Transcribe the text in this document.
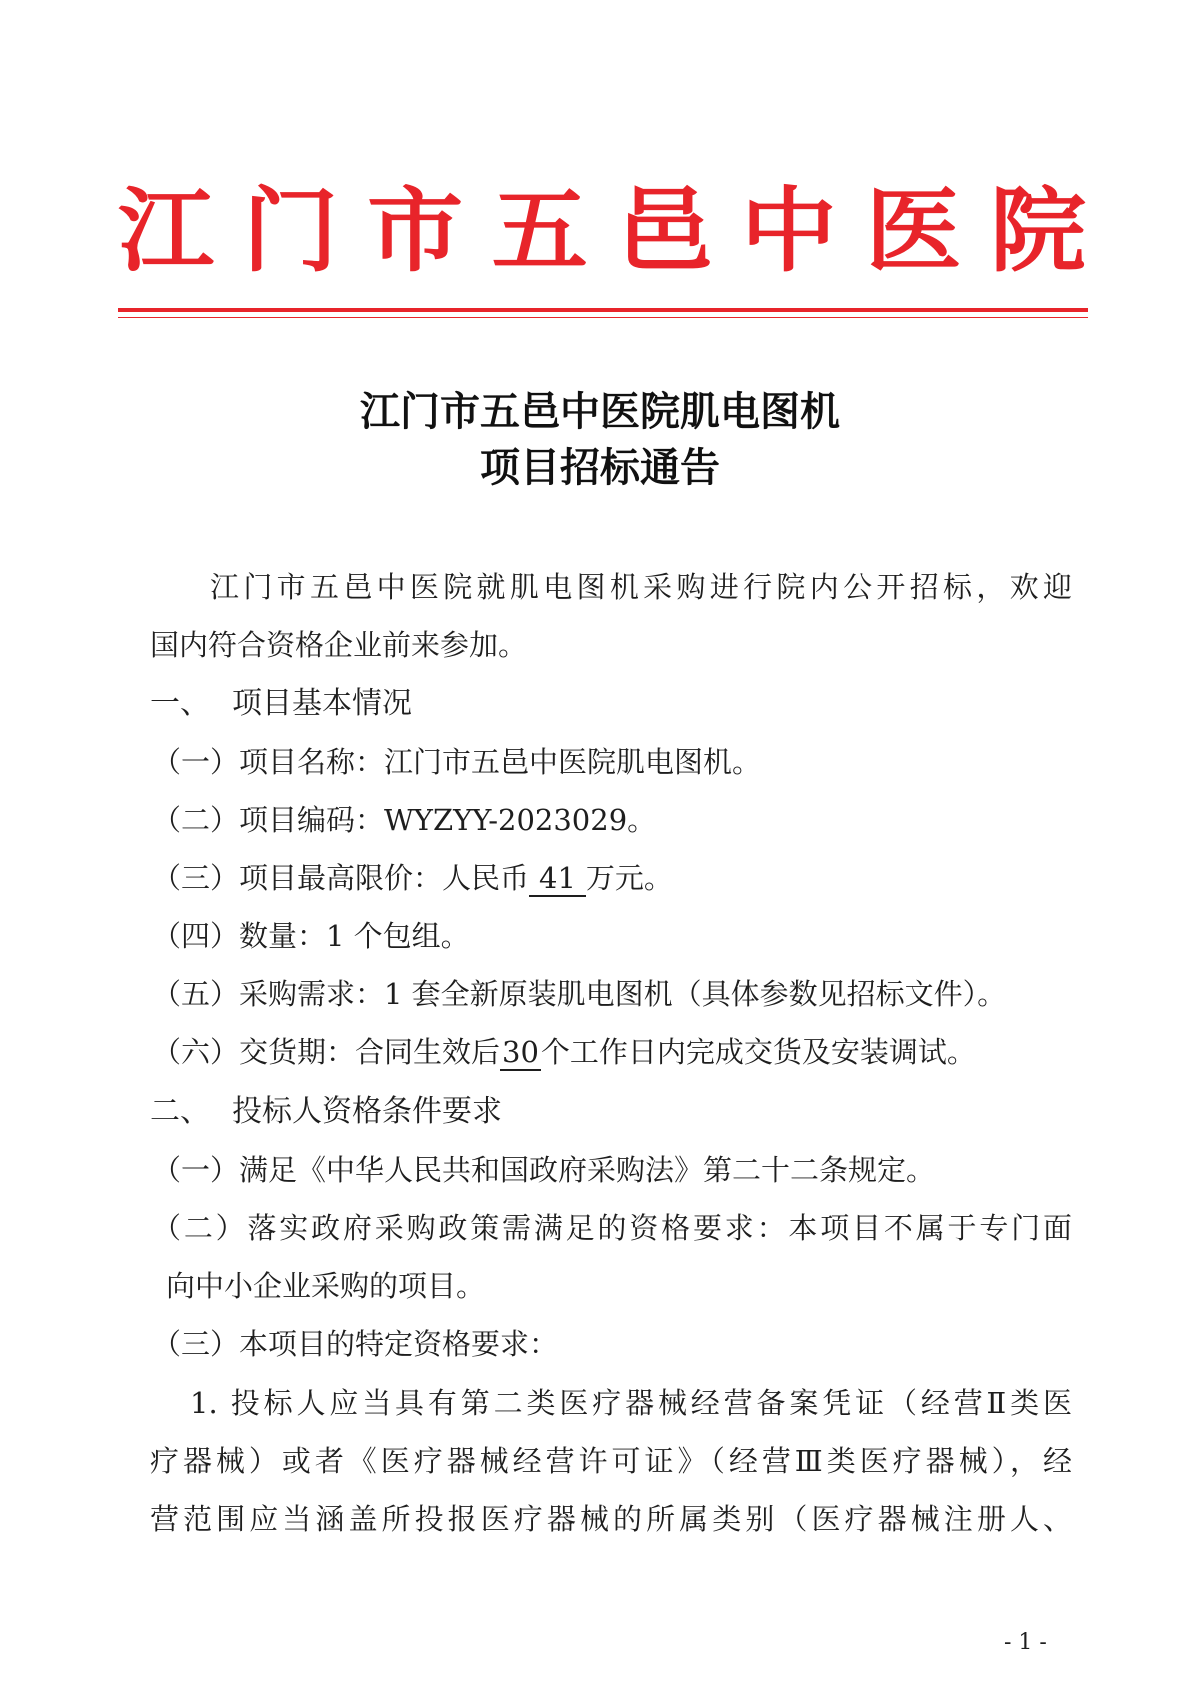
江 门 市 五 邑 中 医 院
江门市五邑中医院肌电图机
项目招标通告
江门市五邑中医院就肌电图机采购进行院内公开招标，欢迎
国内符合资格企业前来参加。
一、 项目基本情况
（一）项目名称：江门市五邑中医院肌电图机。
（二）项目编码：WYZYY-2023029。
（三）项目最高限价：人民币 41 万元。
（四）数量：1 个包组。
（五）采购需求：1 套全新原装肌电图机（具体参数见招标文件）。
（六）交货期：合同生效后30个工作日内完成交货及安装调试。
二、 投标人资格条件要求
（一）满足《中华人民共和国政府采购法》第二十二条规定。
（二）落实政府采购政策需满足的资格要求：本项目不属于专门面
向中小企业采购的项目。
（三）本项目的特定资格要求：
1. 投标人应当具有第二类医疗器械经营备案凭证（经营Ⅱ类医
疗器械）或者《医疗器械经营许可证》（经营Ⅲ类医疗器械），经
营范围应当涵盖所投报医疗器械的所属类别（医疗器械注册人、
- 1 -
